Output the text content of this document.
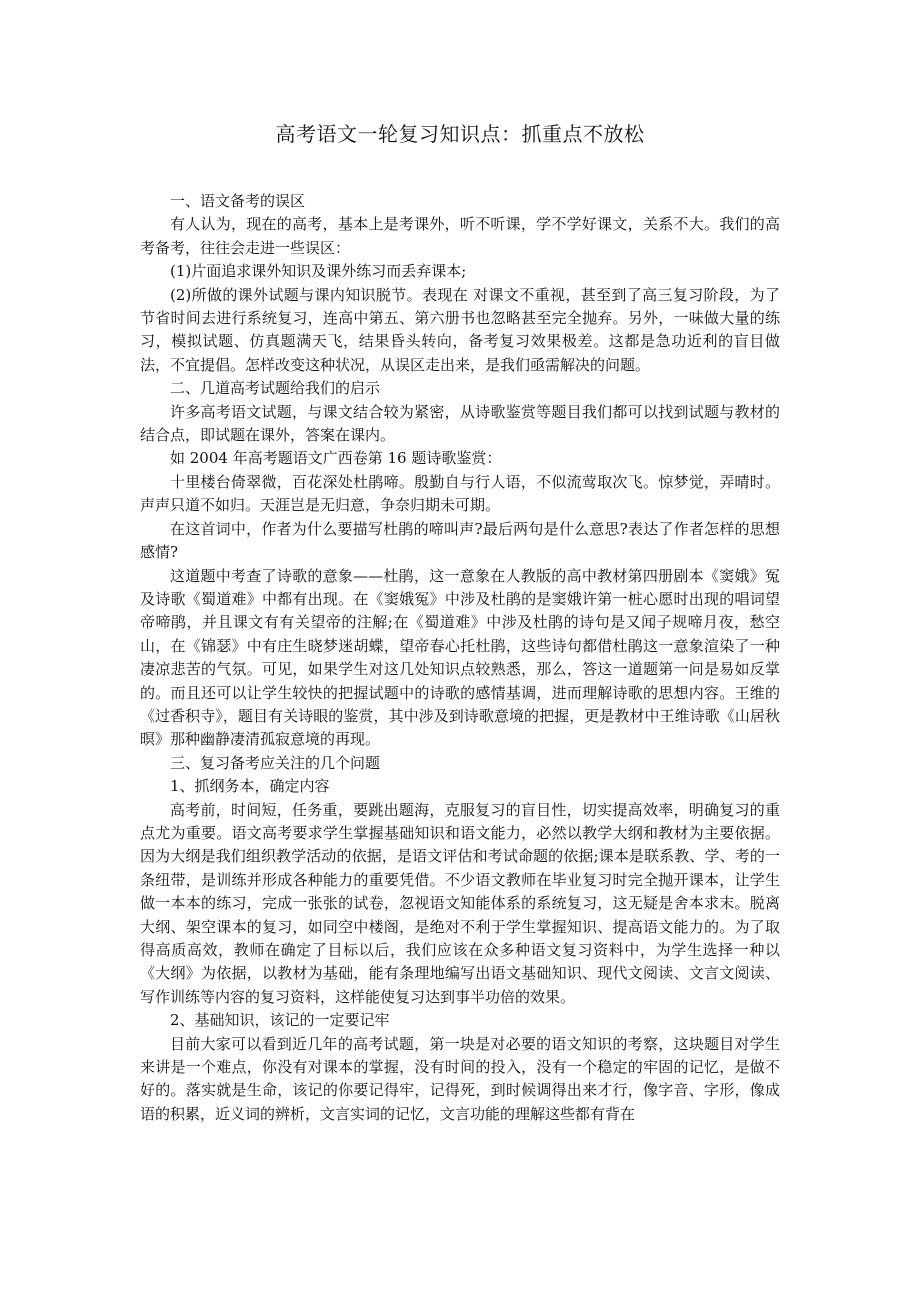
高考语文一轮复习知识点：抓重点不放松

一、语文备考的误区

有人认为，现在的高考，基本上是考课外，听不听课，学不学好课文，关系不大。我们的高考备考，往往会走进一些误区：

(1)片面追求课外知识及课外练习而丢弃课本;

(2)所做的课外试题与课内知识脱节。表现在 对课文不重视，甚至到了高三复习阶段，为了节省时间去进行系统复习，连高中第五、第六册书也忽略甚至完全抛弃。另外，一味做大量的练习，模拟试题、仿真题满天飞，结果昏头转向，备考复习效果极差。这都是急功近利的盲目做法，不宜提倡。怎样改变这种状况，从误区走出来，是我们亟需解决的问题。

二、几道高考试题给我们的启示

许多高考语文试题，与课文结合较为紧密，从诗歌鉴赏等题目我们都可以找到试题与教材的结合点，即试题在课外，答案在课内。

如 2004 年高考题语文广西卷第 16 题诗歌鉴赏：

十里楼台倚翠微，百花深处杜鹃啼。殷勤自与行人语，不似流莺取次飞。惊梦觉，弄晴时。声声只道不如归。天涯岂是无归意，争奈归期未可期。

在这首词中，作者为什么要描写杜鹃的啼叫声?最后两句是什么意思?表达了作者怎样的思想感情?

这道题中考查了诗歌的意象——杜鹃，这一意象在人教版的高中教材第四册剧本《窦娥》冤及诗歌《蜀道难》中都有出现。在《窦娥冤》中涉及杜鹃的是窦娥许第一桩心愿时出现的唱词望帝啼鹃，并且课文有有关望帝的注解;在《蜀道难》中涉及杜鹃的诗句是又闻子规啼月夜，愁空山，在《锦瑟》中有庄生晓梦迷胡蝶，望帝春心托杜鹃，这些诗句都借杜鹃这一意象渲染了一种凄凉悲苦的气氛。可见，如果学生对这几处知识点较熟悉，那么，答这一道题第一问是易如反掌的。而且还可以让学生较快的把握试题中的诗歌的感情基调，进而理解诗歌的思想内容。王维的《过香积寺》，题目有关诗眼的鉴赏，其中涉及到诗歌意境的把握，更是教材中王维诗歌《山居秋暝》那种幽静凄清孤寂意境的再现。

三、复习备考应关注的几个问题

1、抓纲务本，确定内容

高考前，时间短，任务重，要跳出题海，克服复习的盲目性，切实提高效率，明确复习的重点尤为重要。语文高考要求学生掌握基础知识和语文能力，必然以教学大纲和教材为主要依据。因为大纲是我们组织教学活动的依据，是语文评估和考试命题的依据;课本是联系教、学、考的一条纽带，是训练并形成各种能力的重要凭借。不少语文教师在毕业复习时完全抛开课本，让学生做一本本的练习，完成一张张的试卷，忽视语文知能体系的系统复习，这无疑是舍本求末。脱离大纲、架空课本的复习，如同空中楼阁，是绝对不利于学生掌握知识、提高语文能力的。为了取得高质高效，教师在确定了目标以后，我们应该在众多种语文复习资料中，为学生选择一种以《大纲》为依据，以教材为基础，能有条理地编写出语文基础知识、现代文阅读、文言文阅读、写作训练等内容的复习资料，这样能使复习达到事半功倍的效果。

2、基础知识，该记的一定要记牢

目前大家可以看到近几年的高考试题，第一块是对必要的语文知识的考察，这块题目对学生来讲是一个难点，你没有对课本的掌握，没有时间的投入，没有一个稳定的牢固的记忆，是做不好的。落实就是生命，该记的你要记得牢，记得死，到时候调得出来才行，像字音、字形，像成语的积累，近义词的辨析，文言实词的记忆，文言功能的理解这些都有背在
